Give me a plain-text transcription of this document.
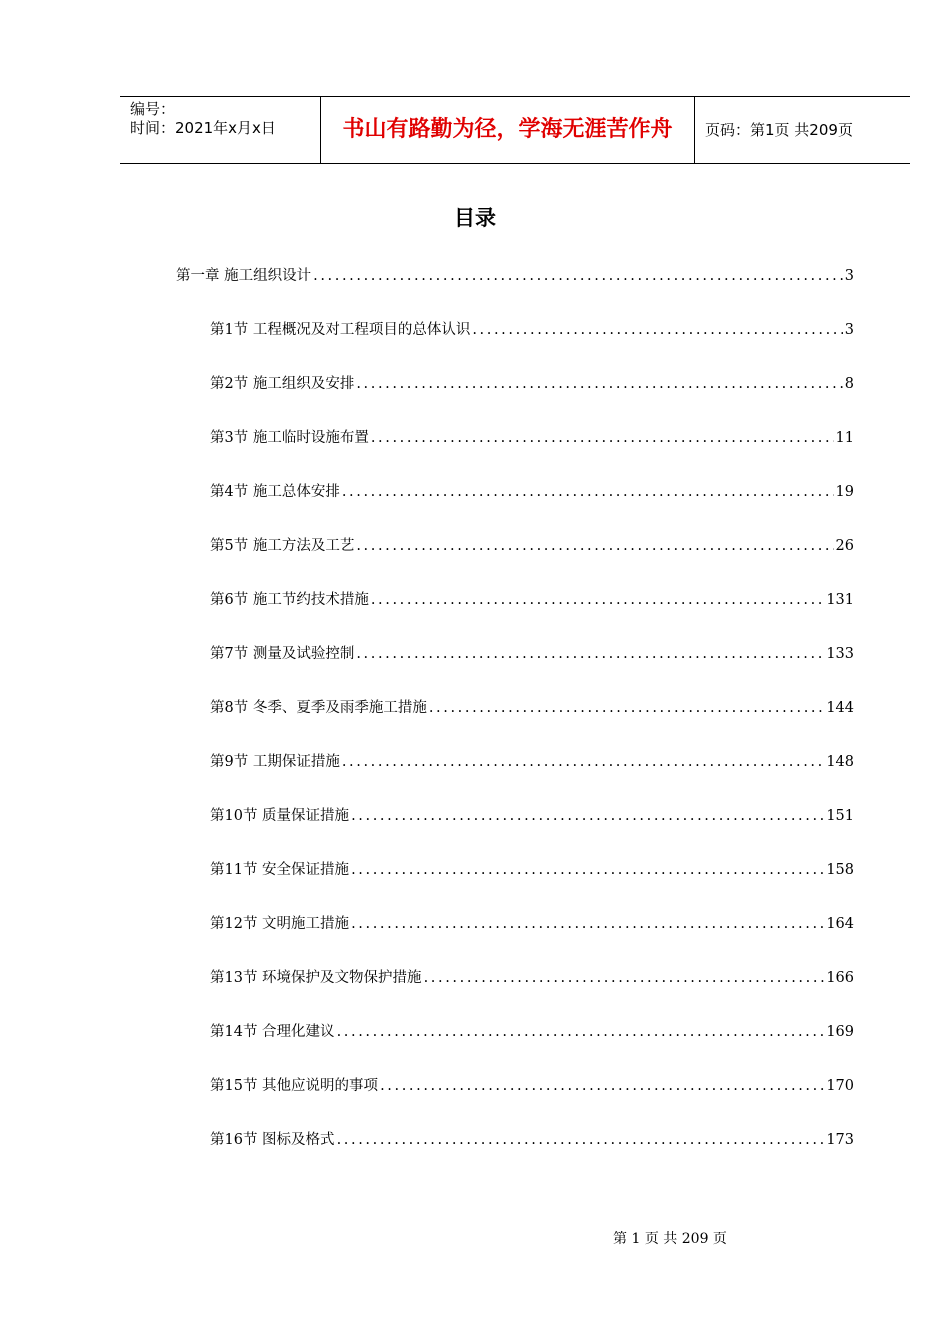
编号：
时间：2021年x月x日	书山有路勤为径，学海无涯苦作舟	页码：第1页 共209页
目录
第一章 施工组织设计 .....	3
第1节 工程概况及对工程项目的总体认识 .....	3
第2节 施工组织及安排 .....	8
第3节 施工临时设施布置 .....	11
第4节 施工总体安排 .....	19
第5节 施工方法及工艺 .....	26
第6节 施工节约技术措施 .....	131
第7节 测量及试验控制 .....	133
第8节 冬季、夏季及雨季施工措施 .....	144
第9节 工期保证措施 .....	148
第10节 质量保证措施 .....	151
第11节 安全保证措施 .....	158
第12节 文明施工措施 .....	164
第13节 环境保护及文物保护措施 .....	166
第14节 合理化建议 .....	169
第15节 其他应说明的事项 .....	170
第16节 图标及格式 .....	173
第 1 页 共 209 页
